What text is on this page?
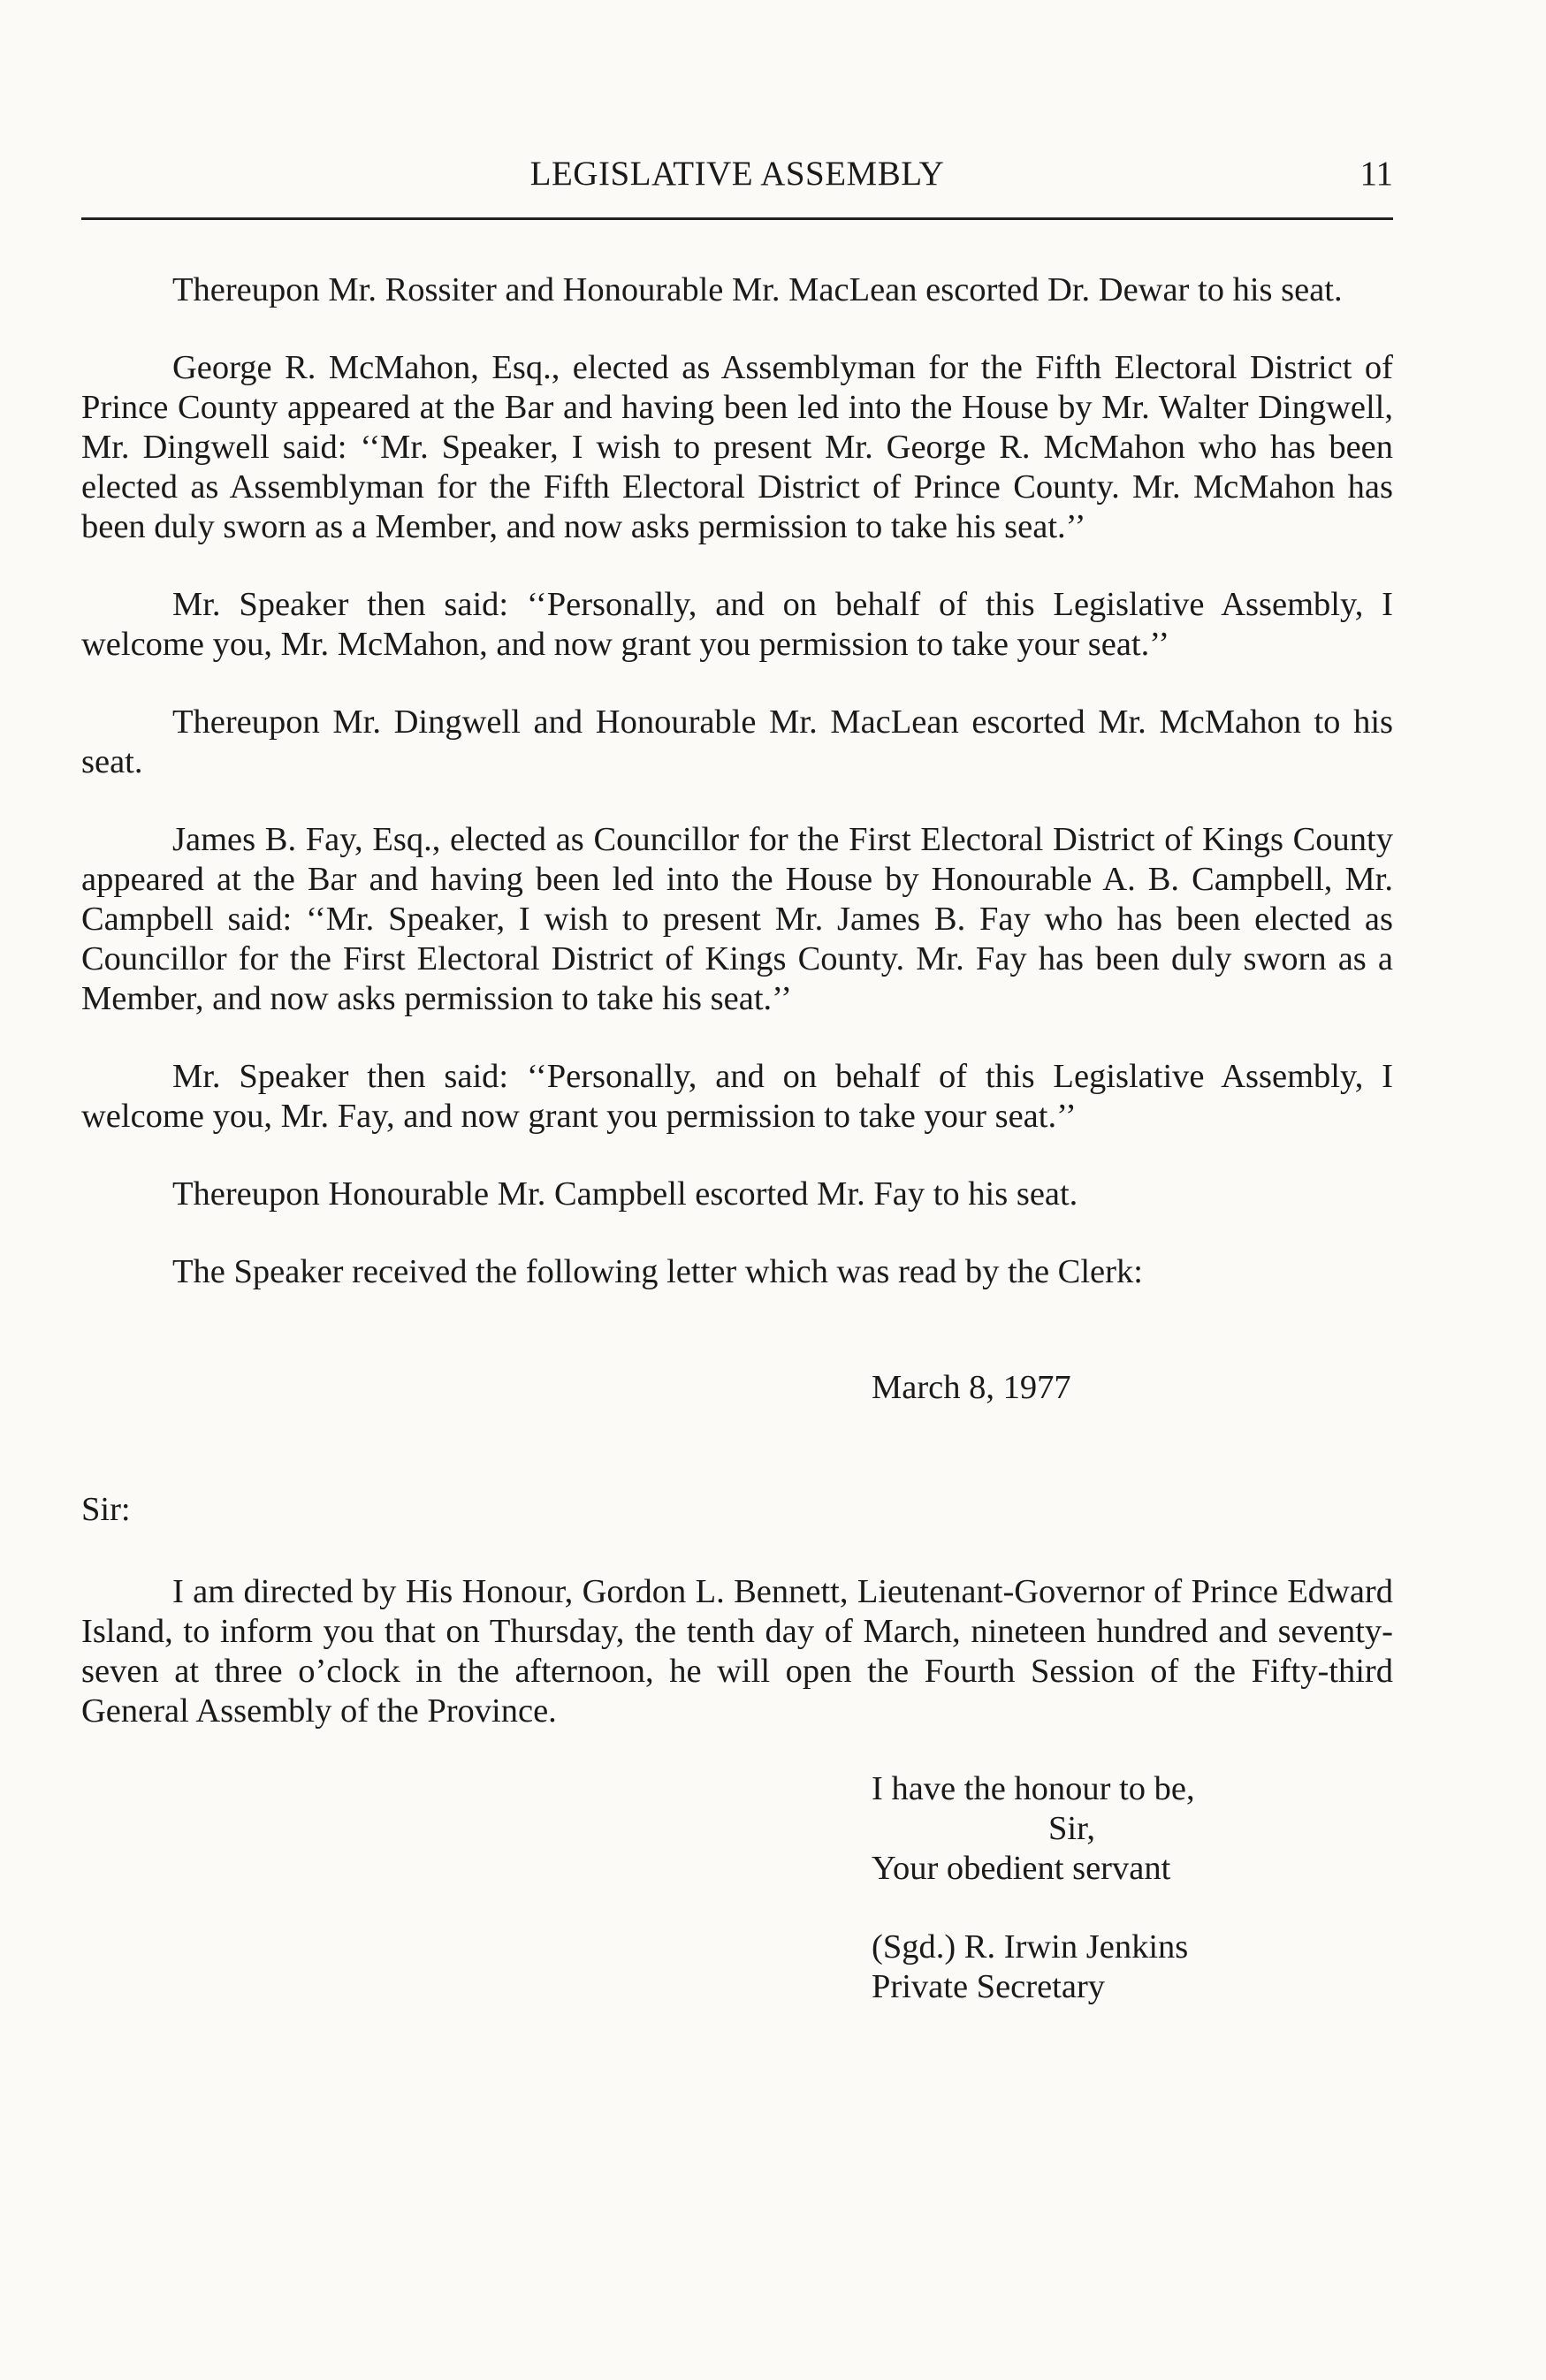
LEGISLATIVE ASSEMBLY	11

Thereupon Mr. Rossiter and Honourable Mr. MacLean escorted Dr. Dewar to his seat.

George R. McMahon, Esq., elected as Assemblyman for the Fifth Electoral District of Prince County appeared at the Bar and having been led into the House by Mr. Walter Dingwell, Mr. Dingwell said: ‘‘Mr. Speaker, I wish to present Mr. George R. McMahon who has been elected as Assemblyman for the Fifth Electoral District of Prince County. Mr. McMahon has been duly sworn as a Member, and now asks permission to take his seat.’’

Mr. Speaker then said: ‘‘Personally, and on behalf of this Legislative Assembly, I welcome you, Mr. McMahon, and now grant you permission to take your seat.’’

Thereupon Mr. Dingwell and Honourable Mr. MacLean escorted Mr. McMahon to his seat.

James B. Fay, Esq., elected as Councillor for the First Electoral District of Kings County appeared at the Bar and having been led into the House by Honourable A. B. Campbell, Mr. Campbell said: ‘‘Mr. Speaker, I wish to present Mr. James B. Fay who has been elected as Councillor for the First Electoral District of Kings County. Mr. Fay has been duly sworn as a Member, and now asks permission to take his seat.’’

Mr. Speaker then said: ‘‘Personally, and on behalf of this Legislative Assembly, I welcome you, Mr. Fay, and now grant you permission to take your seat.’’

Thereupon Honourable Mr. Campbell escorted Mr. Fay to his seat.

The Speaker received the following letter which was read by the Clerk:

March 8, 1977

Sir:

I am directed by His Honour, Gordon L. Bennett, Lieutenant-Governor of Prince Edward Island, to inform you that on Thursday, the tenth day of March, nineteen hundred and seventy-seven at three o’clock in the afternoon, he will open the Fourth Session of the Fifty-third General Assembly of the Province.

I have the honour to be,
Sir,
Your obedient servant
(Sgd.) R. Irwin Jenkins
Private Secretary
